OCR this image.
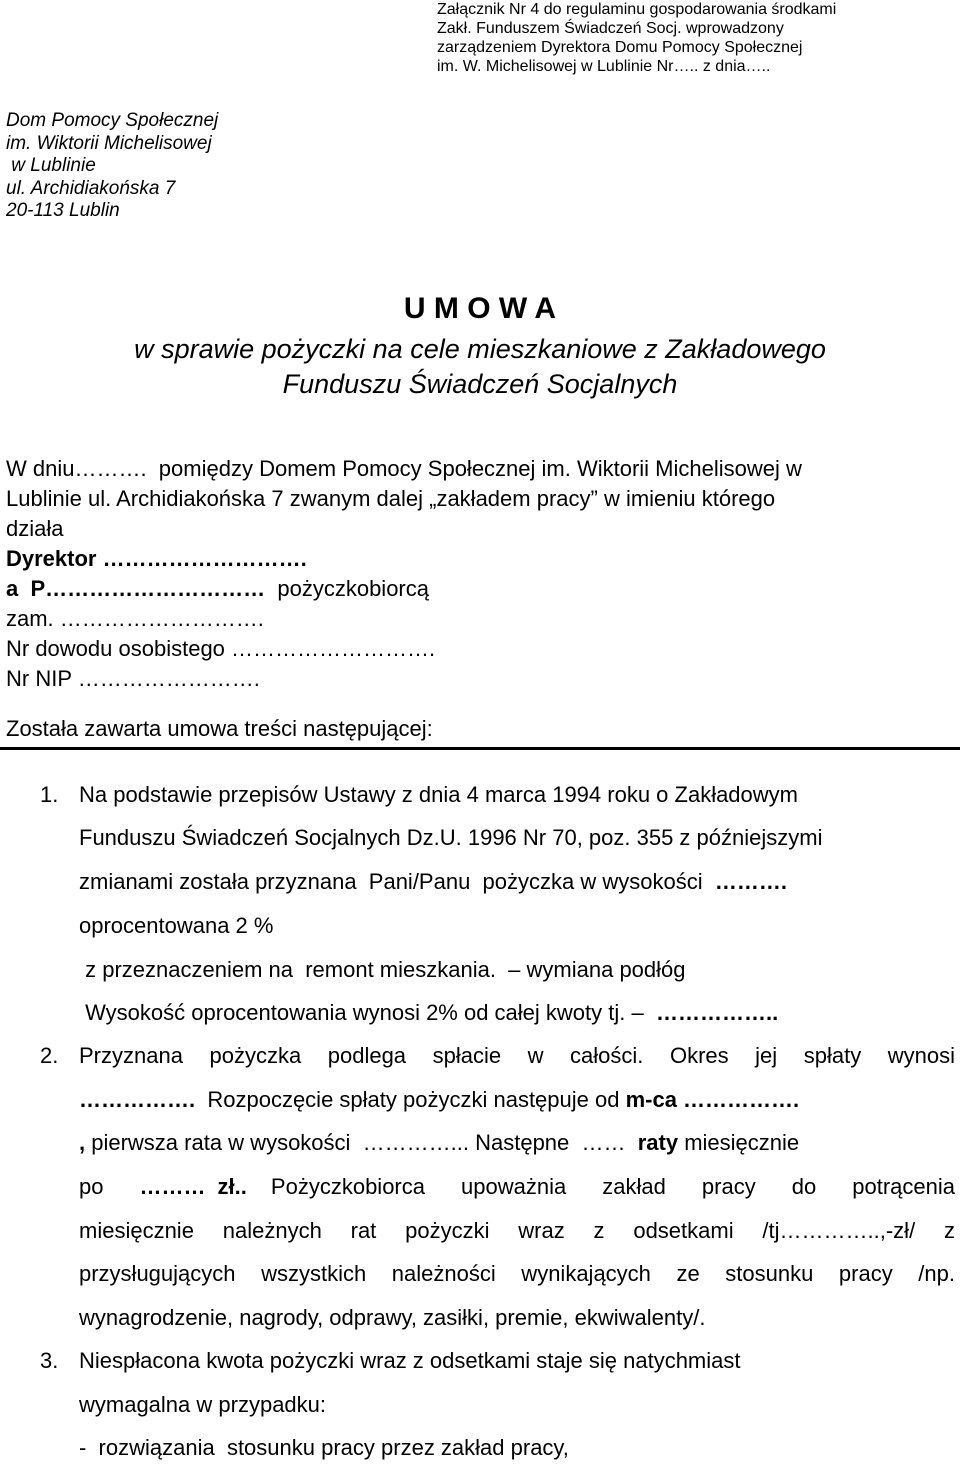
Załącznik Nr 4 do regulaminu gospodarowania środkami
Zakł. Funduszem Świadczeń Socj. wprowadzony
zarządzeniem Dyrektora Domu Pomocy Społecznej
im. W. Michelisowej w Lublinie Nr….. z dnia…..
Dom Pomocy Społecznej
im. Wiktorii Michelisowej
w Lublinie
ul. Archidiakońska 7
20-113 Lublin
U M O W A
w sprawie pożyczki na cele mieszkaniowe z Zakładowego
Funduszu Świadczeń Socjalnych
W dniu……….  pomiędzy Domem Pomocy Społecznej im. Wiktorii Michelisowej w
Lublinie ul. Archidiakońska 7 zwanym dalej „zakładem pracy” w imieniu którego
działa
Dyrektor ……………………….
a  P…………………………  pożyczkobiorcą
zam. ……………………….
Nr dowodu osobistego ……………………….
Nr NIP …………………….
Została zawarta umowa treści następującej:
1. Na podstawie przepisów Ustawy z dnia 4 marca 1994 roku o Zakładowym
Funduszu Świadczeń Socjalnych Dz.U. 1996 Nr 70, poz. 355 z późniejszymi
zmianami została przyznana  Pani/Panu  pożyczka w wysokości  ……….
oprocentowana 2 %
z przeznaczeniem na  remont mieszkania.  – wymiana podłóg
Wysokość oprocentowania wynosi 2% od całej kwoty tj. –  ……………..
2. Przyznana pożyczka podlega spłacie w całości. Okres jej spłaty wynosi
…………….  Rozpoczęcie spłaty pożyczki następuje od m-ca …………….
, pierwsza rata w wysokości  …………... Następne  ……  raty miesięcznie
po   ……… zł..  Pożyczkobiorca   upoważnia   zakład   pracy   do   potrącenia
miesięcznie należnych rat pożyczki wraz z odsetkami /tj…………..,-zł/ z
przysługujących wszystkich należności wynikających ze stosunku pracy /np.
wynagrodzenie, nagrody, odprawy, zasiłki, premie, ekwiwalenty/.
3. Niespłacona kwota pożyczki wraz z odsetkami staje się natychmiast
wymagalna w przypadku:
-  rozwiązania  stosunku pracy przez zakład pracy,
